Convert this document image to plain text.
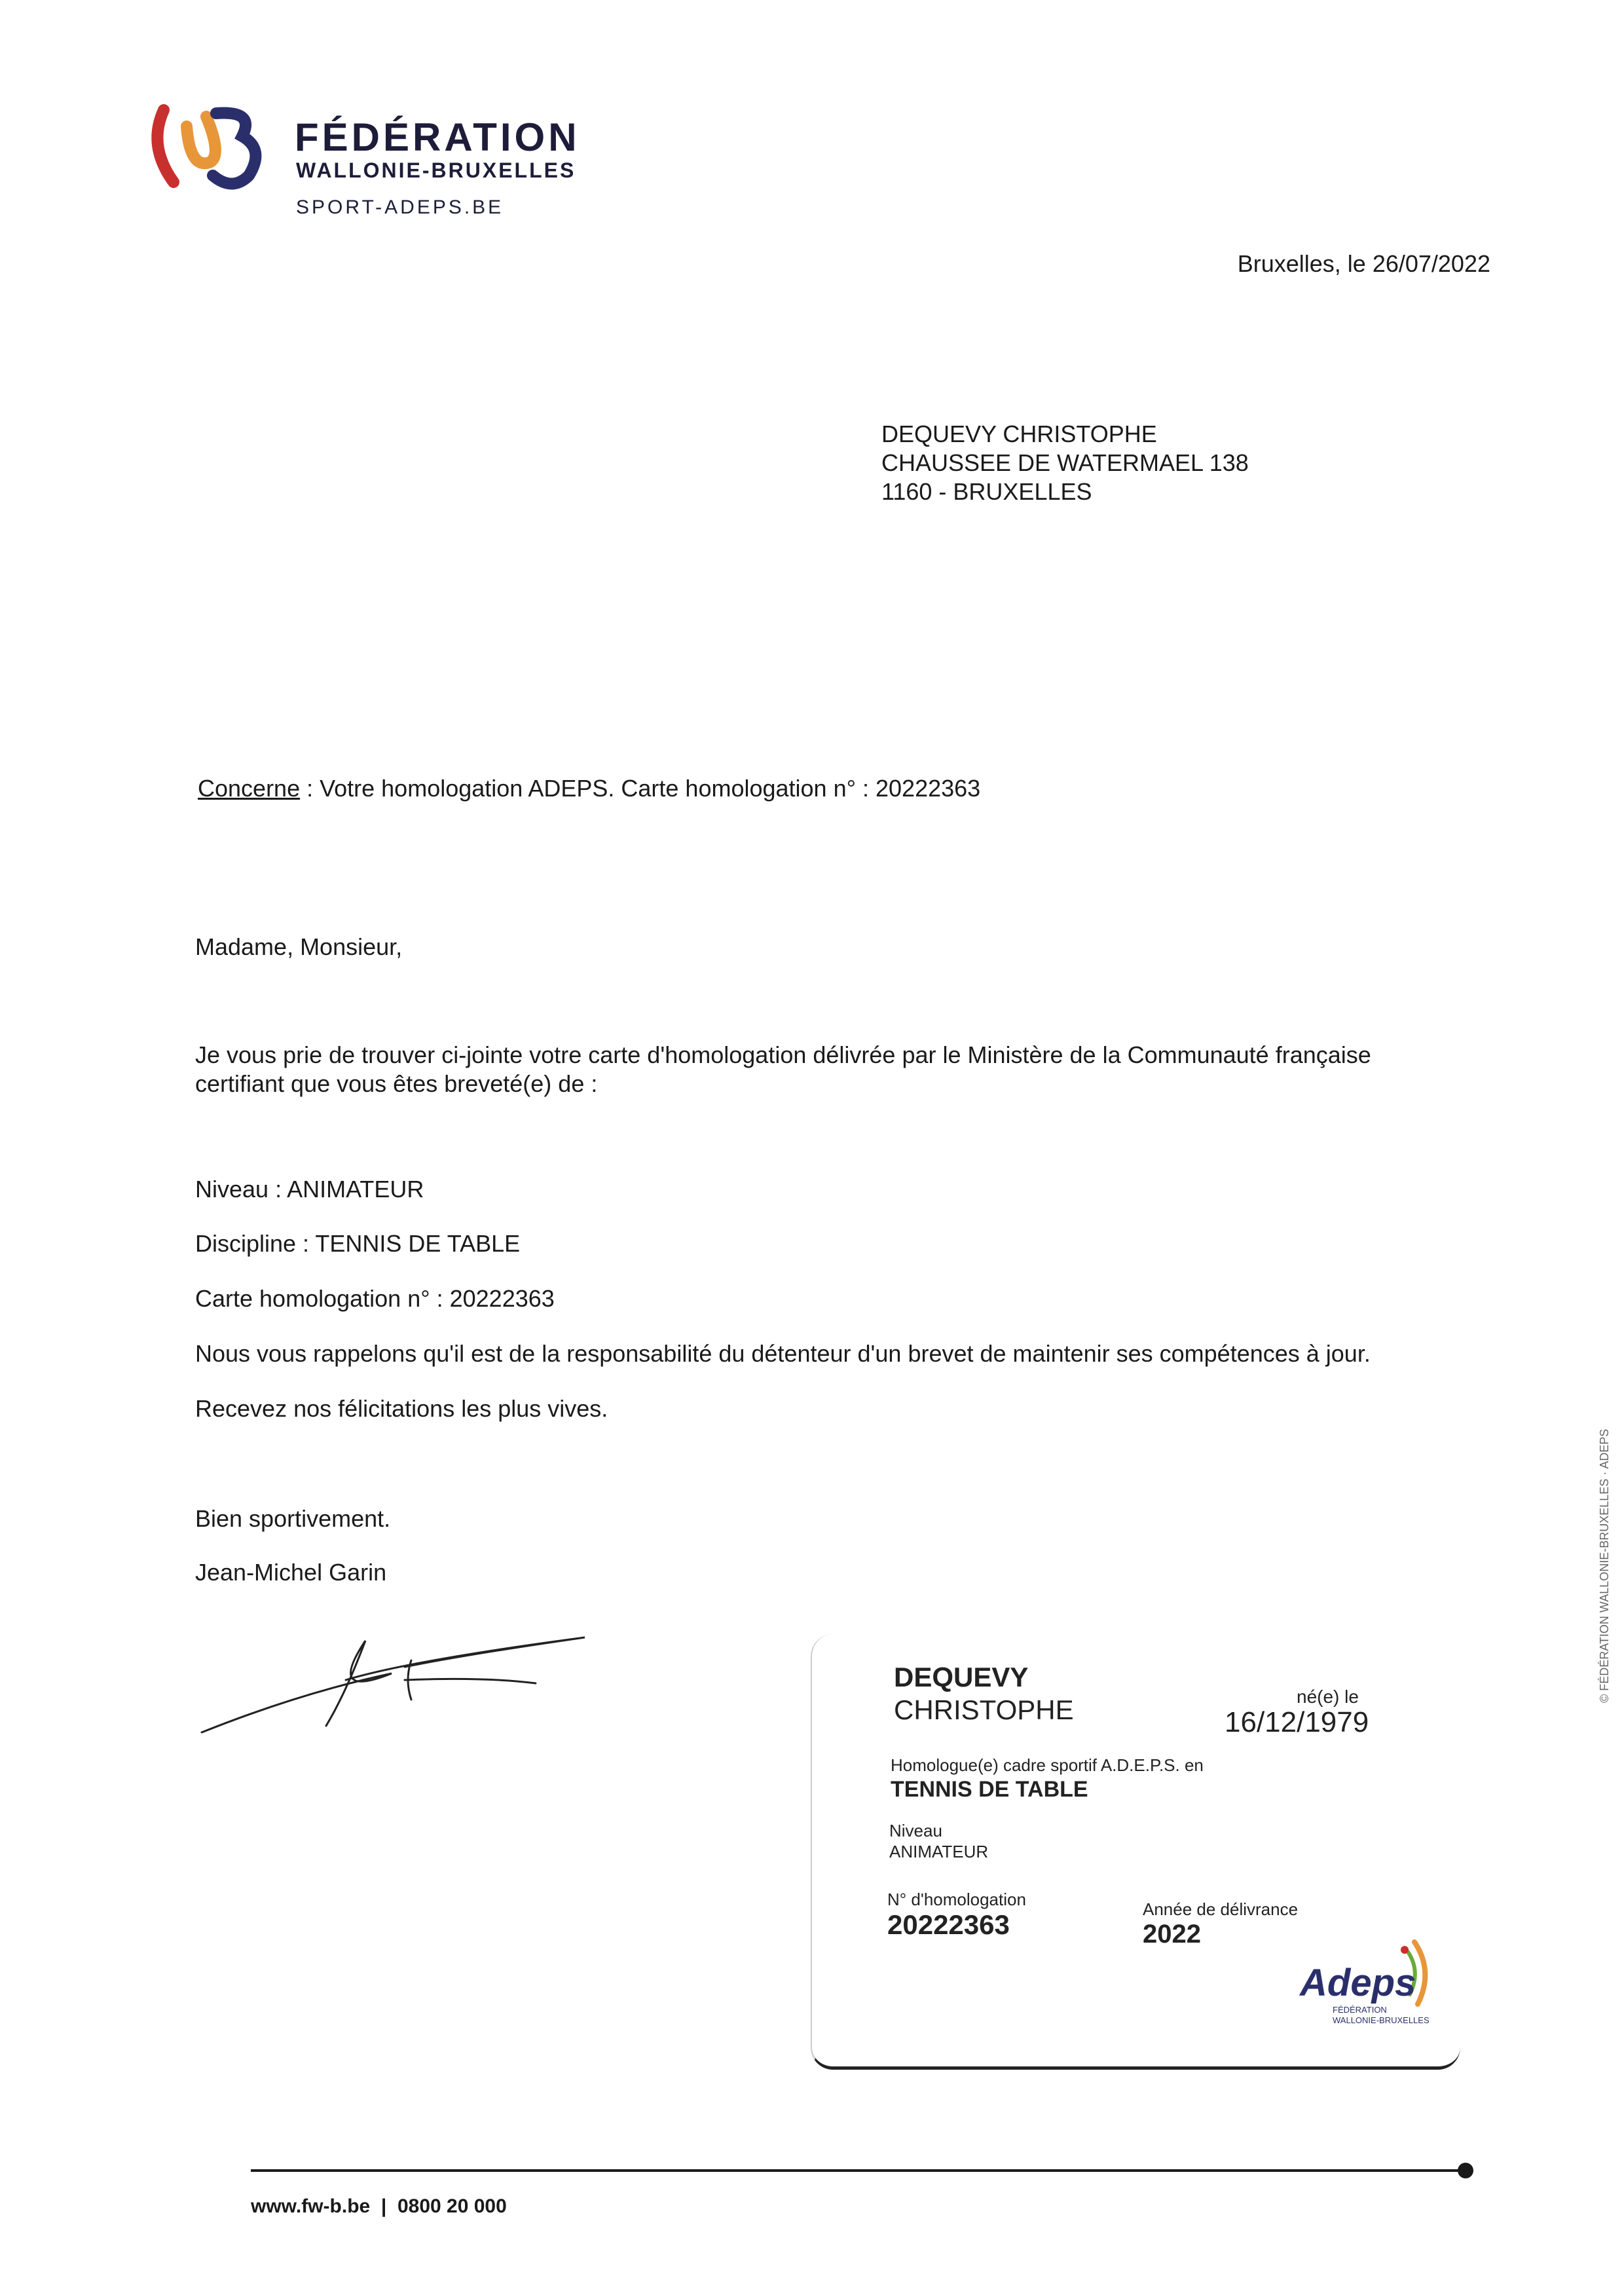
FÉDÉRATION
WALLONIE-BRUXELLES
SPORT-ADEPS.BE
Bruxelles, le 26/07/2022
DEQUEVY CHRISTOPHE
CHAUSSEE DE WATERMAEL 138
1160 - BRUXELLES
Concerne : Votre homologation ADEPS. Carte homologation n° : 20222363
Madame, Monsieur,
Je vous prie de trouver ci-jointe votre carte d'homologation délivrée par le Ministère de la Communauté française
certifiant que vous êtes breveté(e) de :
Niveau : ANIMATEUR
Discipline : TENNIS DE TABLE
Carte homologation n° : 20222363
Nous vous rappelons qu'il est de la responsabilité du détenteur d'un brevet de maintenir ses compétences à jour.
Recevez nos félicitations les plus vives.
Bien sportivement.
Jean-Michel Garin
DEQUEVY
CHRISTOPHE	né(e) le
16/12/1979
Homologue(e) cadre sportif A.D.E.P.S. en
TENNIS DE TABLE
Niveau
ANIMATEUR
N° d'homologation
20222363	Année de délivrance
2022
Adeps
FÉDÉRATION
WALLONIE-BRUXELLES
www.fw-b.be  |  0800 20 000
© FÉDÉRATION WALLONIE-BRUXELLES · ADEPS
